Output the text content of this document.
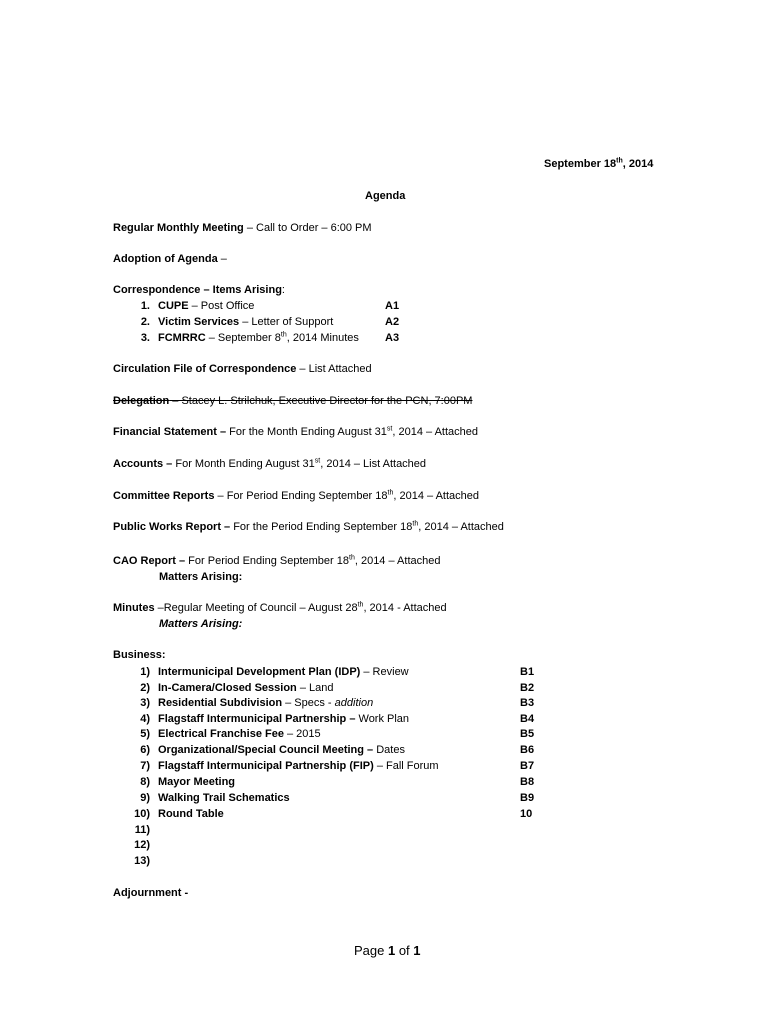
September 18th, 2014
Agenda
Regular Monthly Meeting – Call to Order – 6:00 PM
Adoption of Agenda –
Correspondence – Items Arising:
1. CUPE – Post Office	A1
2. Victim Services – Letter of Support	A2
3. FCMRRC – September 8th, 2014 Minutes A3
Circulation File of Correspondence – List Attached
Delegation – Stacey L. Strilchuk, Executive Director for the PCN, 7:00PM
Financial Statement – For the Month Ending August 31st, 2014 – Attached
Accounts – For Month Ending August 31st, 2014 – List Attached
Committee Reports – For Period Ending September 18th, 2014 – Attached
Public Works Report – For the Period Ending September 18th, 2014 – Attached
CAO Report – For Period Ending September 18th, 2014 – Attached
Matters Arising:
Minutes –Regular Meeting of Council – August 28th, 2014 - Attached
Matters Arising:
Business:
1) Intermunicipal Development Plan (IDP) – Review	B1
2) In-Camera/Closed Session – Land	B2
3) Residential Subdivision – Specs - addition	B3
4) Flagstaff Intermunicipal Partnership – Work Plan	B4
5) Electrical Franchise Fee – 2015	B5
6) Organizational/Special Council Meeting – Dates	B6
7) Flagstaff Intermunicipal Partnership (FIP) – Fall Forum	B7
8) Mayor Meeting	B8
9) Walking Trail Schematics	B9
10) Round Table	10
11)
12)
13)
Adjournment -
Page 1 of 1
